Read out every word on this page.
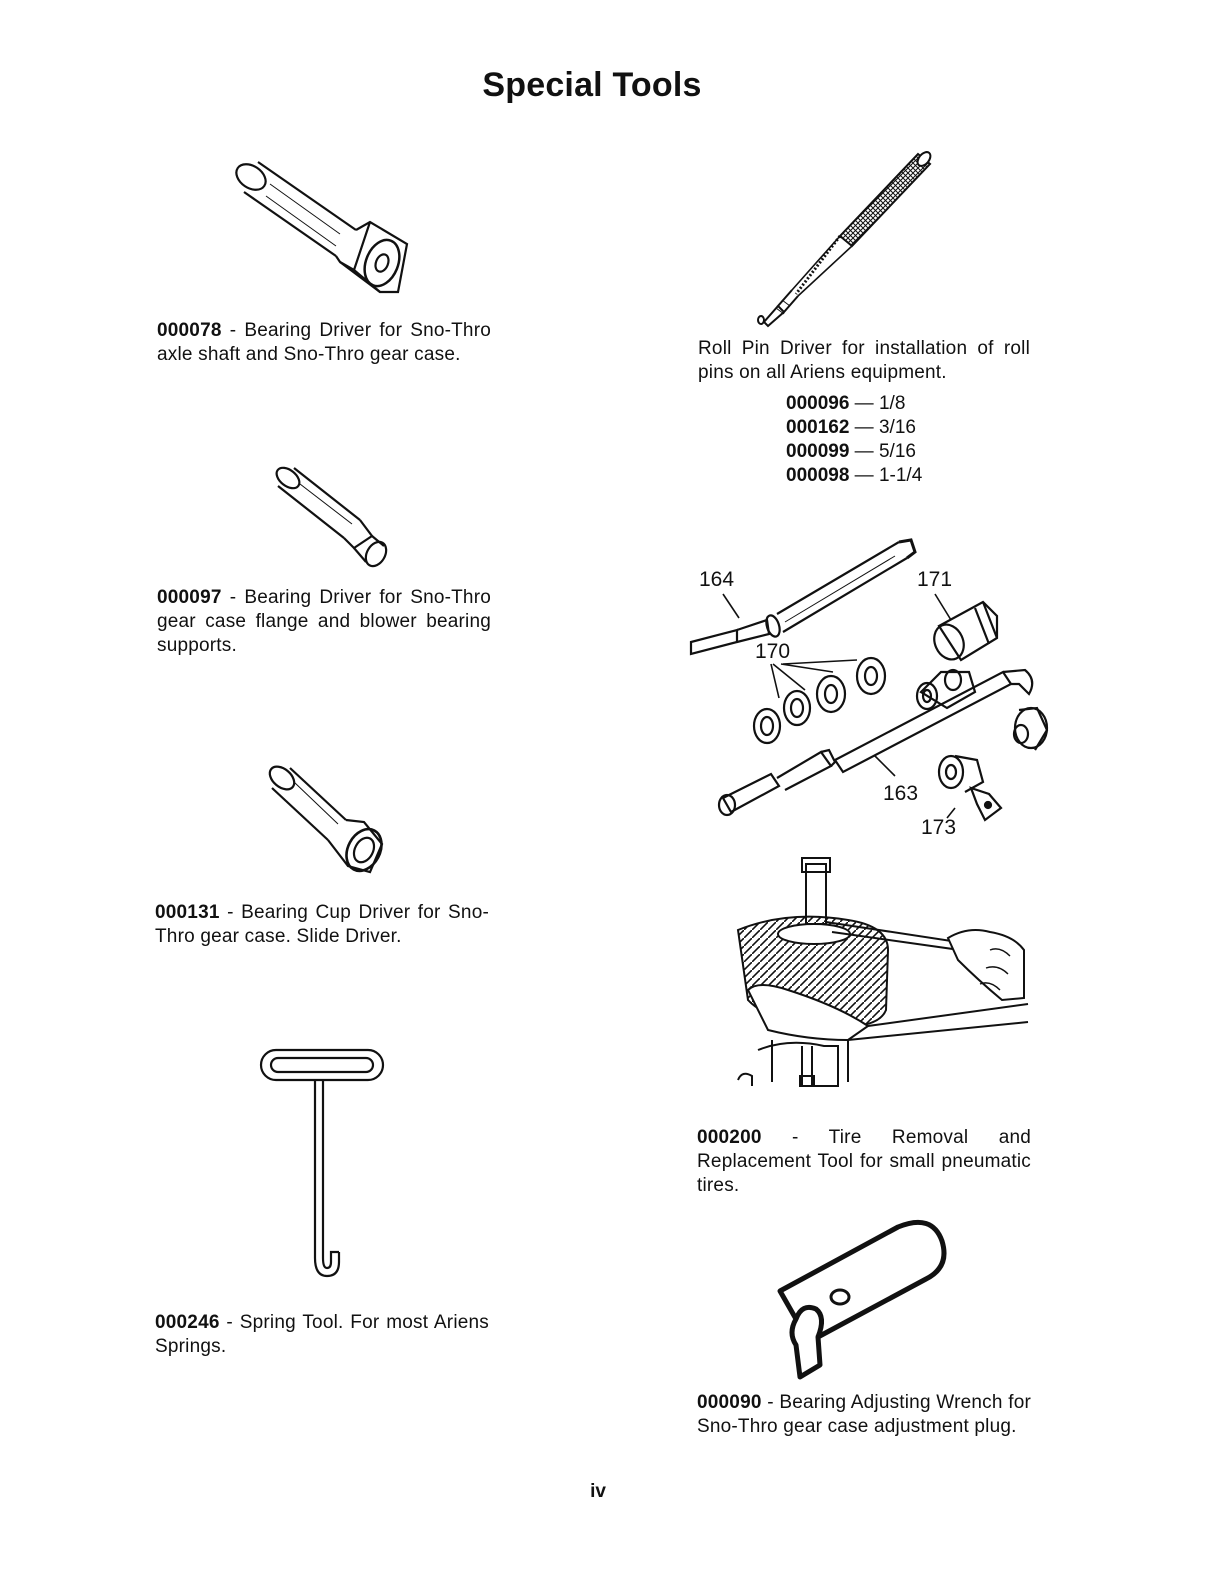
Special Tools

000078 - Bearing Driver for Sno-Thro axle shaft and Sno-Thro gear case.

000097 - Bearing Driver for Sno-Thro gear case flange and blower bearing supports.

000131 - Bearing Cup Driver for Sno-Thro gear case. Slide Driver.

000246 - Spring Tool. For most Ariens Springs.

Roll Pin Driver for installation of roll pins on all Ariens equipment.

000096 — 1/8
000162 — 3/16
000099 — 5/16
000098 — 1-1/4
164	171
170
163
173

000200 - Tire Removal and Replacement Tool for small pneumatic tires.

000090 - Bearing Adjusting Wrench for Sno-Thro gear case adjustment plug.

iv
